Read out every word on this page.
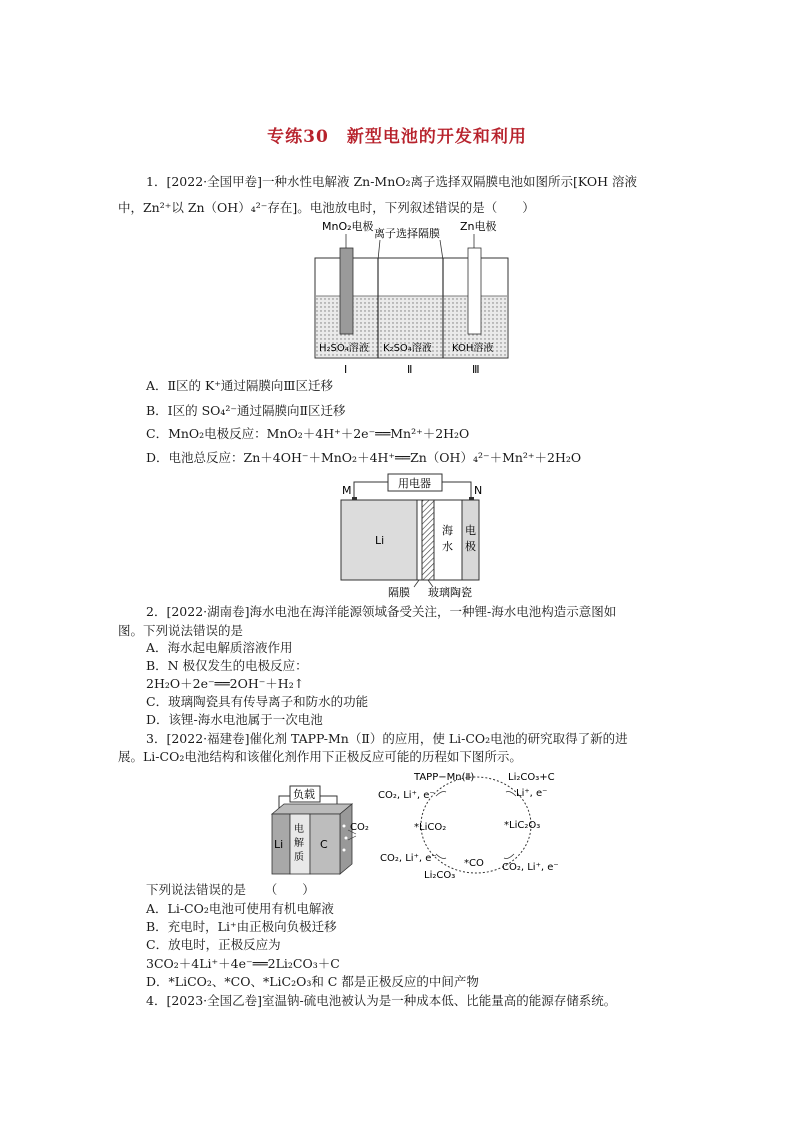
专练30　新型电池的开发和利用
1．[2022·全国甲卷]一种水性电解液 Zn-MnO₂离子选择双隔膜电池如图所示[KOH 溶液
中，Zn²⁺以 Zn（OH）₄²⁻存在]。电池放电时，下列叙述错误的是（　　）
MnO₂电极
离子选择隔膜
Zn电极
H₂SO₄溶液 K₂SO₄溶液 KOH溶液
Ⅰ	Ⅱ	Ⅲ
A．Ⅱ区的 K⁺通过隔膜向Ⅲ区迁移
B．Ⅰ区的 SO₄²⁻通过隔膜向Ⅱ区迁移
C．MnO₂电极反应：MnO₂＋4H⁺＋2e⁻══Mn²⁺＋2H₂O
D．电池总反应：Zn＋4OH⁻＋MnO₂＋4H⁺══Zn（OH）₄²⁻＋Mn²⁺＋2H₂O
M	N
用电器
Li
海
水
电
极
隔膜 玻璃陶瓷
2．[2022·湖南卷]海水电池在海洋能源领域备受关注，一种锂-海水电池构造示意图如
图。下列说法错误的是
A．海水起电解质溶液作用
B．N 极仅发生的电极反应：
2H₂O＋2e⁻══2OH⁻＋H₂↑
C．玻璃陶瓷具有传导离子和防水的功能
D．该锂-海水电池属于一次电池
3．[2022·福建卷]催化剂 TAPP-Mn（Ⅱ）的应用，使 Li-CO₂电池的研究取得了新的进
展。Li-CO₂电池结构和该催化剂作用下正极反应可能的历程如下图所示。
负载
Li
电
解
质
C
CO₂
TAPP−Mn(Ⅱ)	Li₂CO₃+C
CO₂, Li⁺, e⁻	Li⁺, e⁻
*LiCO₂	*LiC₂O₃
CO₂, Li⁺, e⁻	*CO
Li₂CO₃
CO₂, Li⁺, e⁻
下列说法错误的是　　（　　）
A．Li-CO₂电池可使用有机电解液
B．充电时，Li⁺由正极向负极迁移
C．放电时，正极反应为
3CO₂＋4Li⁺＋4e⁻══2Li₂CO₃＋C
D．*LiCO₂、*CO、*LiC₂O₃和 C 都是正极反应的中间产物
4．[2023·全国乙卷]室温钠-硫电池被认为是一种成本低、比能量高的能源存储系统。
